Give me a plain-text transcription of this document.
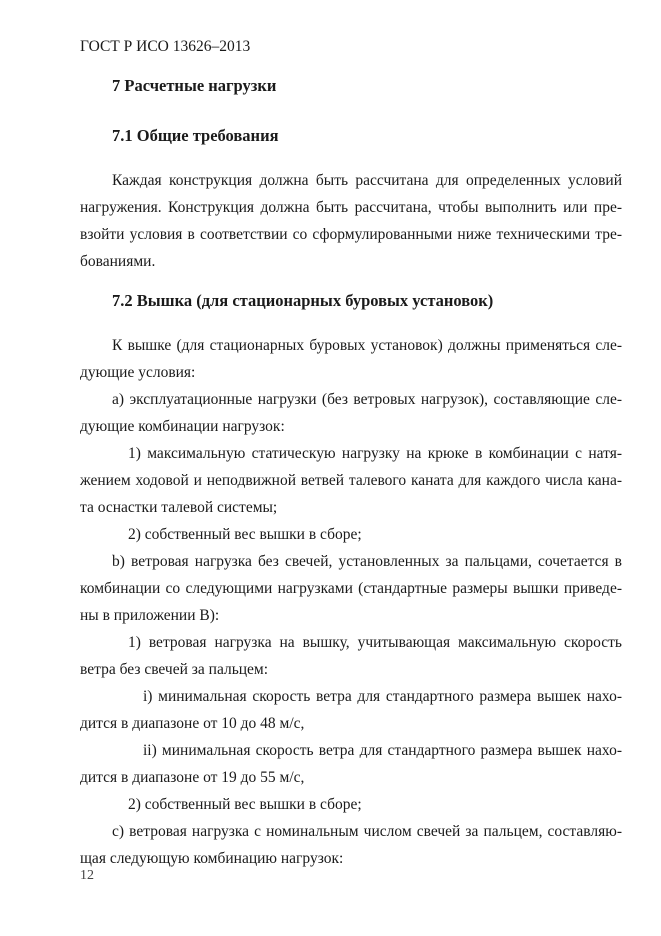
ГОСТ Р ИСО 13626–2013
7 Расчетные нагрузки
7.1 Общие требования
Каждая конструкция должна быть рассчитана для определенных условий
нагружения. Конструкция должна быть рассчитана, чтобы выполнить или пре-
взойти условия в соответствии со сформулированными ниже техническими тре-
бованиями.
7.2 Вышка (для стационарных буровых установок)
К вышке (для стационарных буровых установок) должны применяться сле-
дующие условия:
a) эксплуатационные нагрузки (без ветровых нагрузок), составляющие сле-
дующие комбинации нагрузок:
1) максимальную статическую нагрузку на крюке в комбинации с натя-
жением ходовой и неподвижной ветвей талевого каната для каждого числа кана-
та оснастки талевой системы;
2) собственный вес вышки в сборе;
b) ветровая нагрузка без свечей, установленных за пальцами, сочетается в
комбинации со следующими нагрузками (стандартные размеры вышки приведе-
ны в приложении B):
1) ветровая нагрузка на вышку, учитывающая максимальную скорость
ветра без свечей за пальцем:
i) минимальная скорость ветра для стандартного размера вышек нахо-
дится в диапазоне от 10 до 48 м/с,
ii) минимальная скорость ветра для стандартного размера вышек нахо-
дится в диапазоне от 19 до 55 м/с,
2) собственный вес вышки в сборе;
c) ветровая нагрузка с номинальным числом свечей за пальцем, составляю-
щая следующую комбинацию нагрузок:
12
